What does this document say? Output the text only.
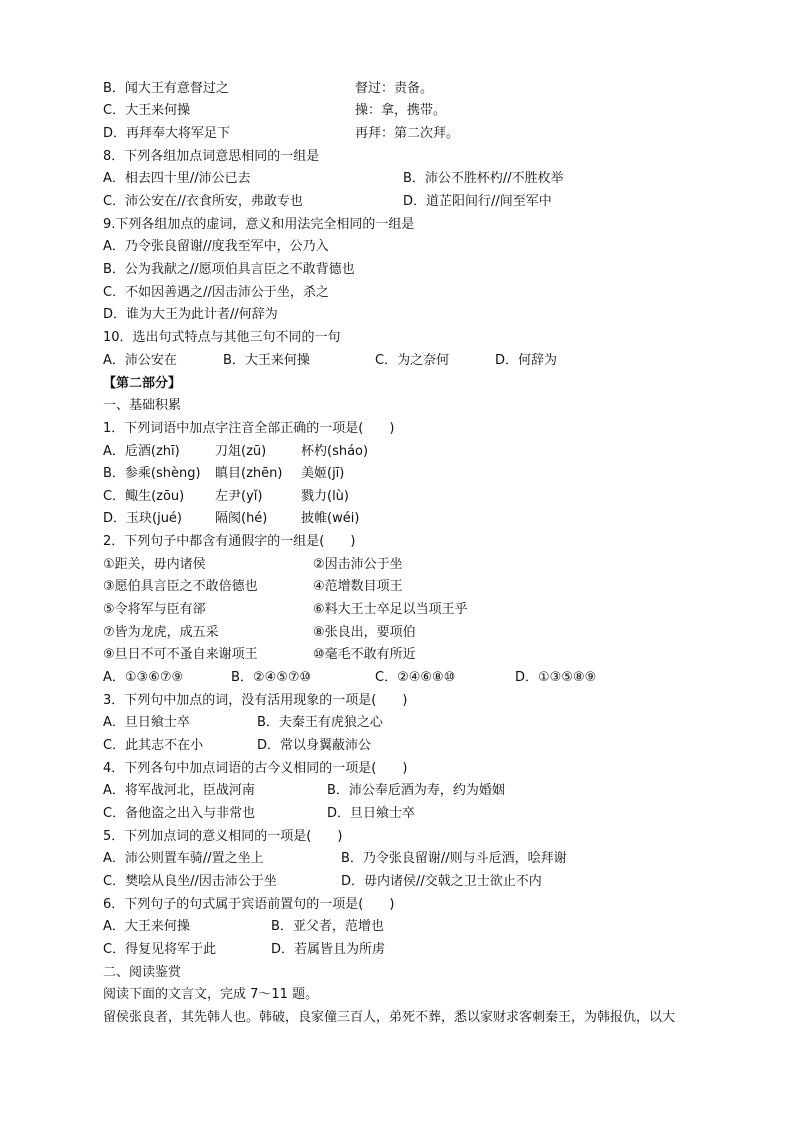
B．闻大王有意督过之	督过：责备。
C．大王来何操	操：拿，携带。
D．再拜奉大将军足下	再拜：第二次拜。
8．下列各组加点词意思相同的一组是
A．相去四十里//沛公已去	B．沛公不胜杯杓//不胜枚举
C．沛公安在//衣食所安，弗敢专也	D．道芷阳间行//间至军中
9.下列各组加点的虚词，意义和用法完全相同的一组是
A．乃令张良留谢//度我至军中，公乃入
B．公为我献之//愿项伯具言臣之不敢背德也
C．不如因善遇之//因击沛公于坐，杀之
D．谁为大王为此计者//何辞为
10．选出句式特点与其他三句不同的一句
A．沛公安在	B．大王来何操	C．为之奈何	D．何辞为
【第二部分】
一、基础积累
1．下列词语中加点字注音全部正确的一项是(　　)
A．卮酒(zhī)	刀俎(zū)	杯杓(sháo)
B．参乘(shèng) 瞋目(zhēn) 美姬(jī)
C．鲰生(zōu) 左尹(yǐ)	戮力(lù)
D．玉玦(jué)	隔阂(hé)	披帷(wéi)
2．下列句子中都含有通假字的一组是(　　)
①距关，毋内诸侯	②因击沛公于坐
③愿伯具言臣之不敢倍德也	④范增数目项王
⑤令将军与臣有郤	⑥料大王士卒足以当项王乎
⑦皆为龙虎，成五采	⑧张良出，要项伯
⑨旦日不可不蚤自来谢项王	⑩毫毛不敢有所近
A．①③⑥⑦⑨	B．②④⑤⑦⑩	C．②④⑥⑧⑩	D．①③⑤⑧⑨
3．下列句中加点的词，没有活用现象的一项是(　　)
A．旦日飨士卒	B．夫秦王有虎狼之心
C．此其志不在小	D．常以身翼蔽沛公
4．下列各句中加点词语的古今义相同的一项是(　　)
A．将军战河北，臣战河南	B．沛公奉卮酒为寿，约为婚姻
C．备他盗之出入与非常也	D．旦日飨士卒
5．下列加点词的意义相同的一项是(　　)
A．沛公则置车骑//置之坐上	B．乃令张良留谢//则与斗卮酒，哙拜谢
C．樊哙从良坐//因击沛公于坐	D．毋内诸侯//交戟之卫士欲止不内
6．下列句子的句式属于宾语前置句的一项是(　　)
A．大王来何操	B．亚父者，范增也
C．得复见将军于此	D．若属皆且为所虏
二、阅读鉴赏
阅读下面的文言文，完成 7～11 题。
留侯张良者，其先韩人也。韩破，良家僮三百人，弟死不葬，悉以家财求客刺秦王，为韩报仇，以大
